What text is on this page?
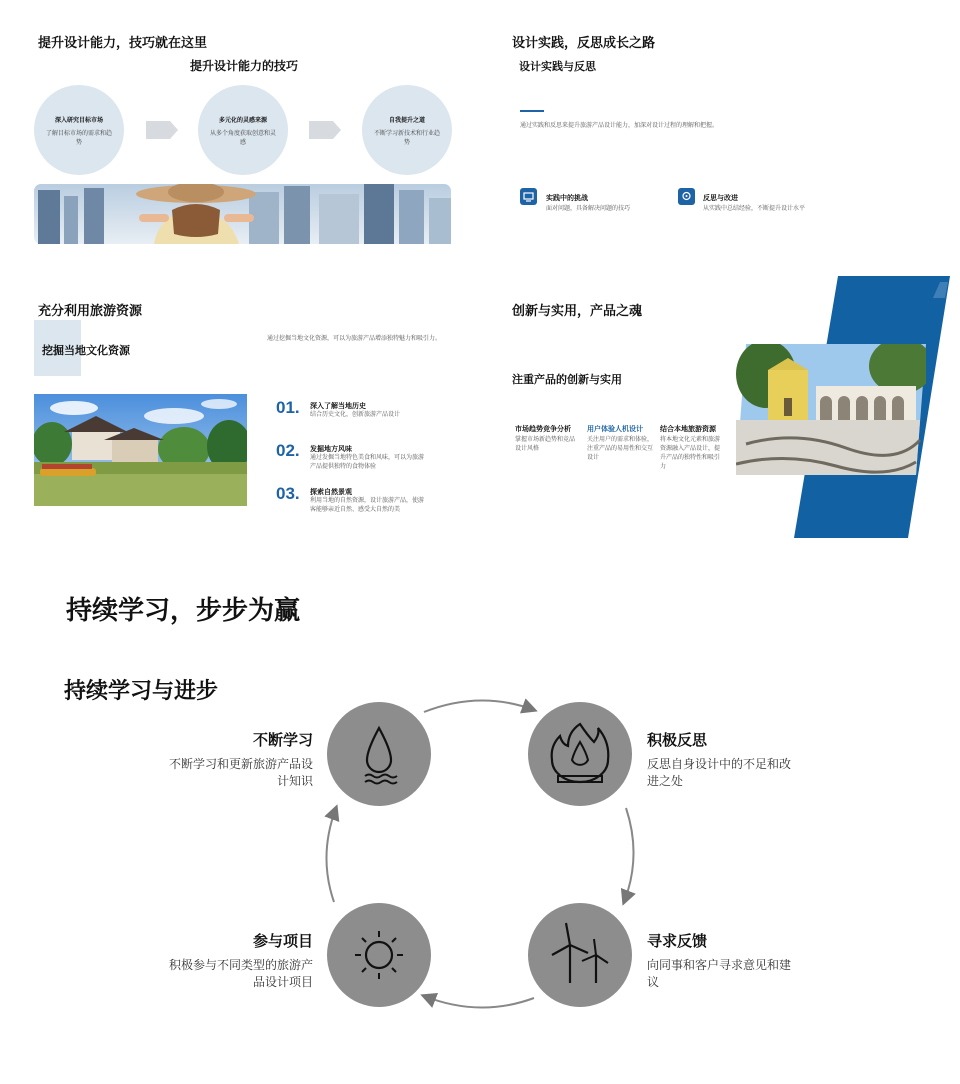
提升设计能力，技巧就在这里
提升设计能力的技巧
深入研究目标市场
了解目标市场的需求和趋势
多元化的灵感来源
从多个角度获取创意和灵感
自我提升之道
不断学习新技术和行业趋势
设计实践，反思成长之路
设计实践与反思
通过实践和反思来提升旅游产品设计能力，加深对设计过程的理解和把握。
实践中的挑战
面对问题，具备解决问题的技巧
反思与改进
从实践中总结经验，不断提升设计水平
充分利用旅游资源
挖掘当地文化资源
通过挖掘当地文化资源，可以为旅游产品增添独特魅力和吸引力。
01. 深入了解当地历史
结合历史文化，创新旅游产品设计
02. 发掘地方风味
通过发掘当地特色美食和风味，可以为旅游产品提供独特的食物体验
03. 探索自然景观
利用当地的自然资源，设计旅游产品，使游客能够亲近自然、感受大自然的美
创新与实用，产品之魂
注重产品的创新与实用
市场趋势竞争分析
掌握市场新趋势和竞品设计风格
用户体验人机设计
关注用户的需求和体验，注重产品的易用性和交互设计
结合本地旅游资源
将本地文化元素和旅游资源融入产品设计，提升产品的独特性和吸引力
持续学习，步步为赢
持续学习与进步
不断学习
不断学习和更新旅游产品设
计知识
积极反思
反思自身设计中的不足和改
进之处
寻求反馈
向同事和客户寻求意见和建
议
参与项目
积极参与不同类型的旅游产
品设计项目
